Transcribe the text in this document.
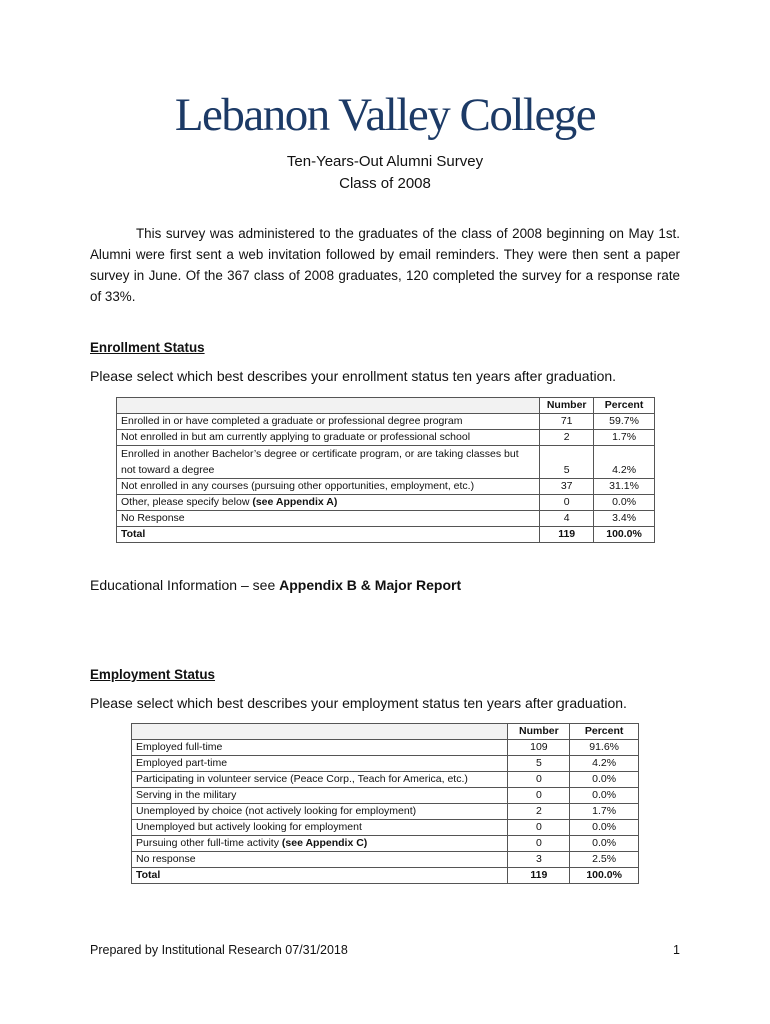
Lebanon Valley College
Ten-Years-Out Alumni Survey
Class of 2008
This survey was administered to the graduates of the class of 2008 beginning on May 1st. Alumni were first sent a web invitation followed by email reminders. They were then sent a paper survey in June. Of the 367 class of 2008 graduates, 120 completed the survey for a response rate of 33%.
Enrollment Status
Please select which best describes your enrollment status ten years after graduation.
	Number	Percent
Enrolled in or have completed a graduate or professional degree program	71	59.7%
Not enrolled in but am currently applying to graduate or professional school	2	1.7%
Enrolled in another Bachelor’s degree or certificate program, or are taking classes but not toward a degree	5	4.2%
Not enrolled in any courses (pursuing other opportunities, employment, etc.)	37	31.1%
Other, please specify below (see Appendix A)	0	0.0%
No Response	4	3.4%
Total	119	100.0%
Educational Information – see Appendix B & Major Report
Employment Status
Please select which best describes your employment status ten years after graduation.
	Number	Percent
Employed full-time	109	91.6%
Employed part-time	5	4.2%
Participating in volunteer service (Peace Corp., Teach for America, etc.)	0	0.0%
Serving in the military	0	0.0%
Unemployed by choice (not actively looking for employment)	2	1.7%
Unemployed but actively looking for employment	0	0.0%
Pursuing other full-time activity (see Appendix C)	0	0.0%
No response	3	2.5%
Total	119	100.0%
Prepared by Institutional Research 07/31/2018	1
